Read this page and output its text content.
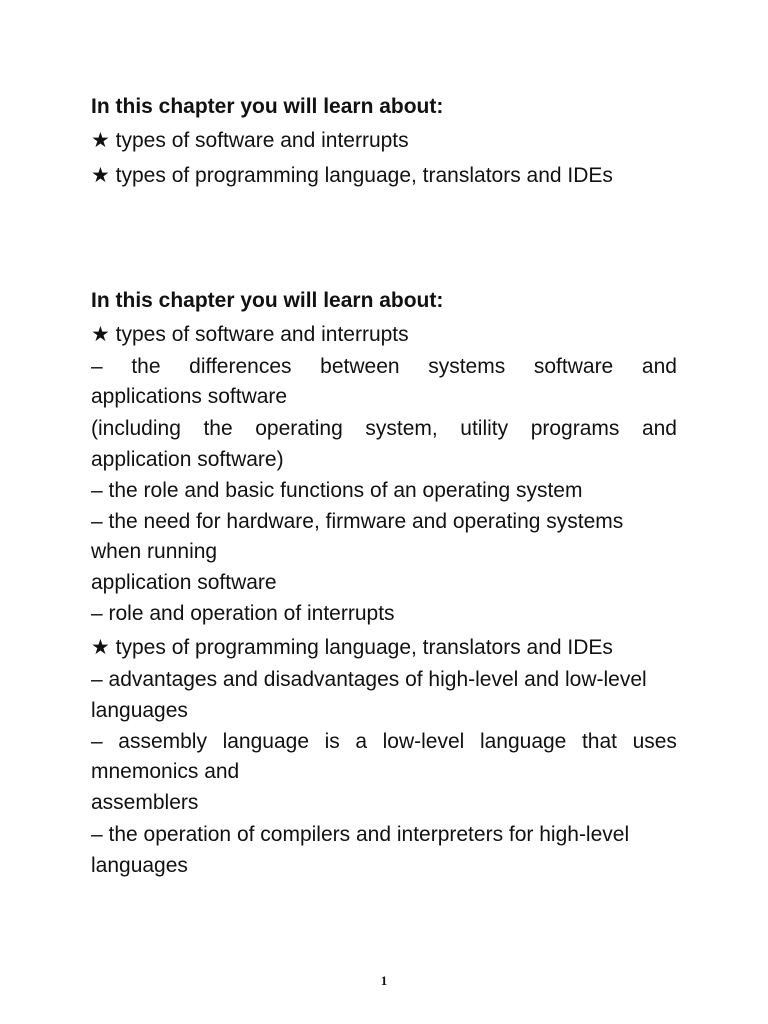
In this chapter you will learn about:
★ types of software and interrupts
★ types of programming language, translators and IDEs
In this chapter you will learn about:
★ types of software and interrupts
– the differences between systems software and
applications software
(including the operating system, utility programs and
application software)
– the role and basic functions of an operating system
– the need for hardware, firmware and operating systems
when running
application software
– role and operation of interrupts
★ types of programming language, translators and IDEs
– advantages and disadvantages of high-level and low-level
languages
– assembly language is a low-level language that uses
mnemonics and
assemblers
– the operation of compilers and interpreters for high-level
languages
1
